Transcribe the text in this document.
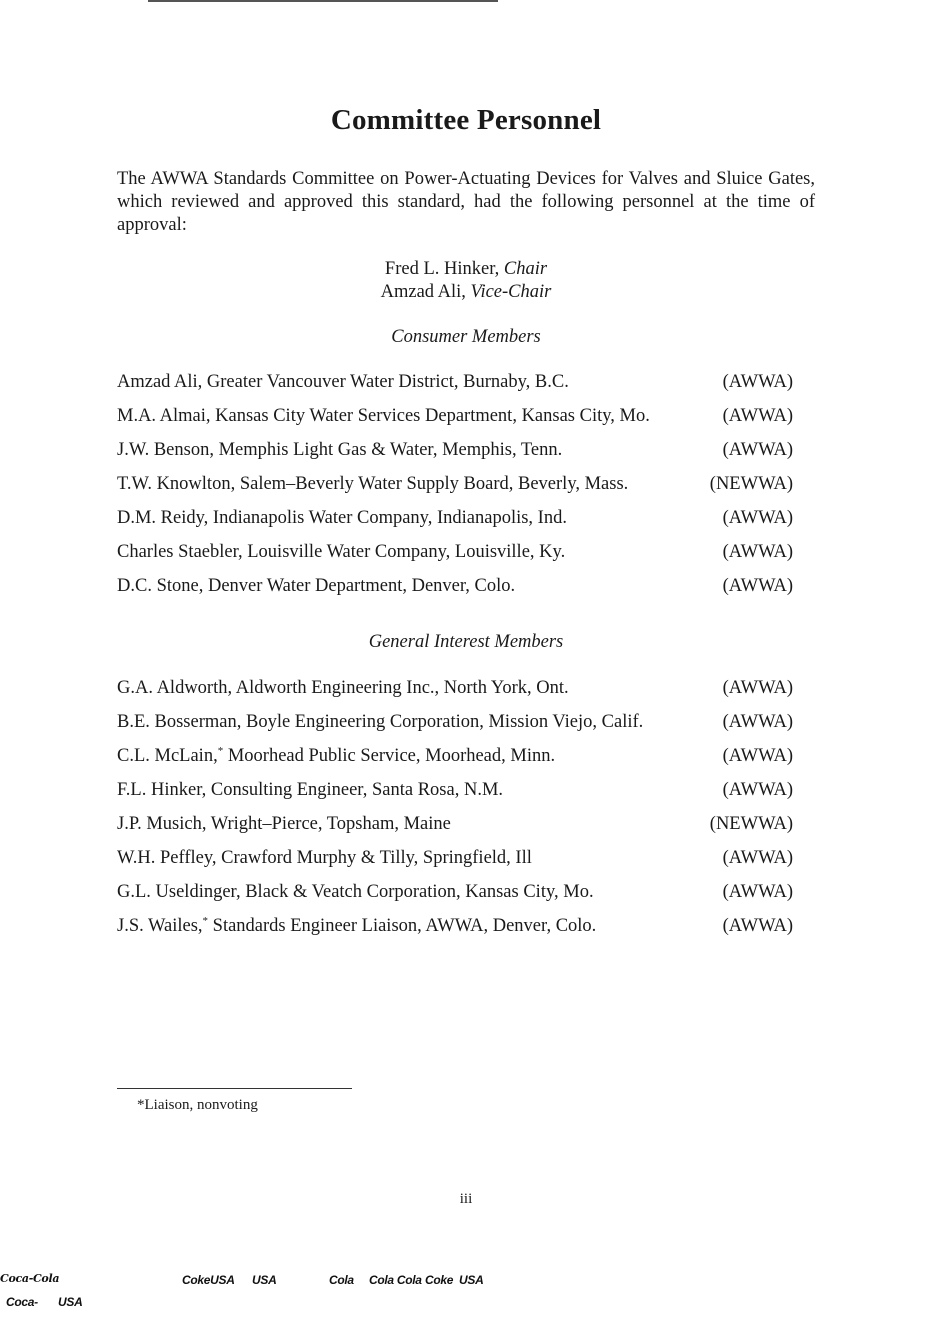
Committee Personnel

The AWWA Standards Committee on Power-Actuating Devices for Valves and Sluice Gates, which reviewed and approved this standard, had the following personnel at the time of approval:

Fred L. Hinker, Chair
Amzad Ali, Vice-Chair
Consumer Members
Amzad Ali, Greater Vancouver Water District, Burnaby, B.C.	(AWWA)
M.A. Almai, Kansas City Water Services Department, Kansas City, Mo.	(AWWA)
J.W. Benson, Memphis Light Gas & Water, Memphis, Tenn.	(AWWA)
T.W. Knowlton, Salem–Beverly Water Supply Board, Beverly, Mass.	(NEWWA)
D.M. Reidy, Indianapolis Water Company, Indianapolis, Ind.	(AWWA)
Charles Staebler, Louisville Water Company, Louisville, Ky.	(AWWA)
D.C. Stone, Denver Water Department, Denver, Colo.	(AWWA)
General Interest Members
G.A. Aldworth, Aldworth Engineering Inc., North York, Ont.	(AWWA)
B.E. Bosserman, Boyle Engineering Corporation, Mission Viejo, Calif.	(AWWA)
C.L. McLain,* Moorhead Public Service, Moorhead, Minn.	(AWWA)
F.L. Hinker, Consulting Engineer, Santa Rosa, N.M.	(AWWA)
J.P. Musich, Wright–Pierce, Topsham, Maine	(NEWWA)
W.H. Peffley, Crawford Murphy & Tilly, Springfield, Ill	(AWWA)
G.L. Useldinger, Black & Veatch Corporation, Kansas City, Mo.	(AWWA)
J.S. Wailes,* Standards Engineer Liaison, AWWA, Denver, Colo.	(AWWA)
*Liaison, nonvoting
iii
Coca-Cola	CokeUSA USA	Cola Cola Cola Coke USA
Coca- USA
